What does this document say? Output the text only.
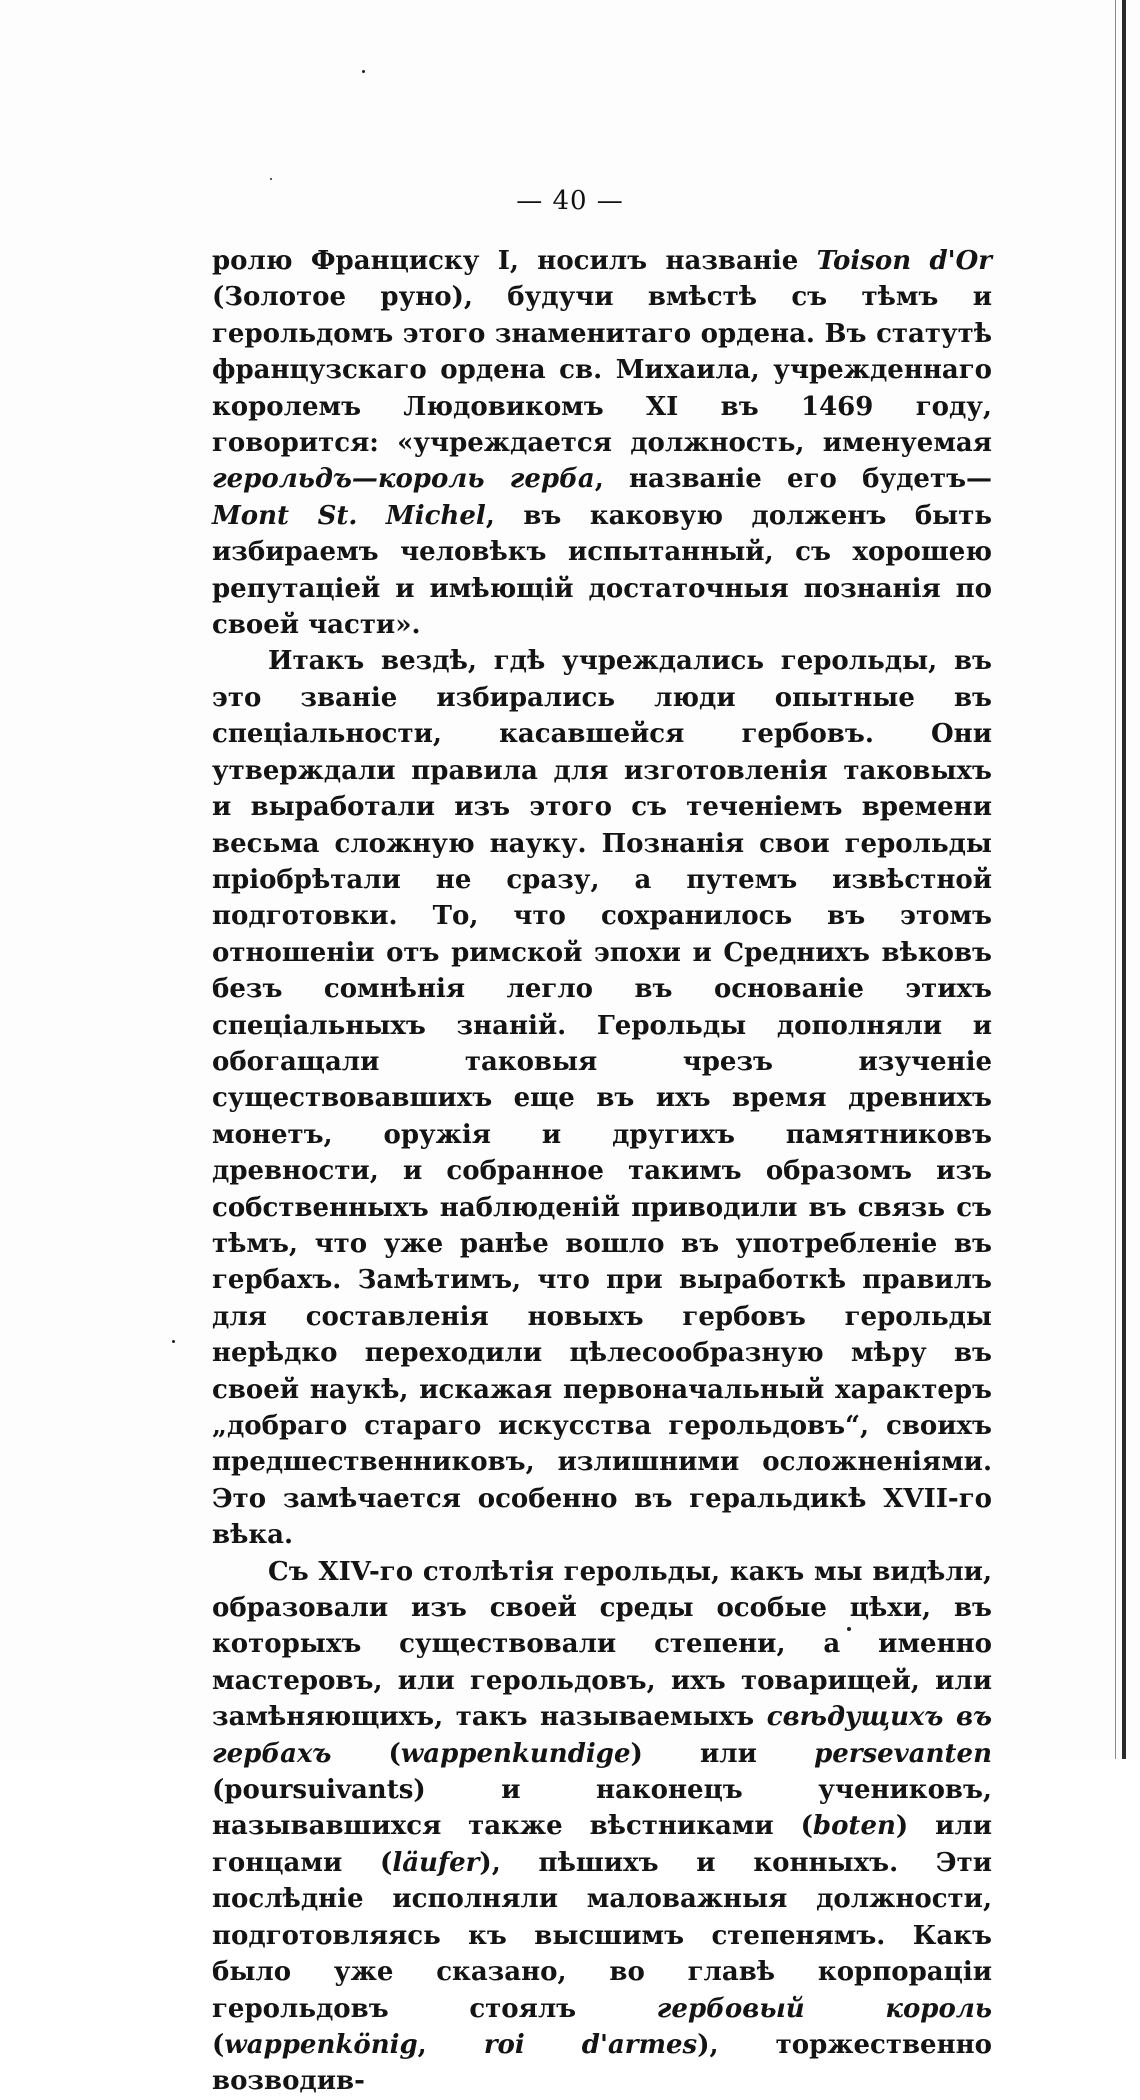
— 40 —

ролю Франциску I, носилъ названіе Toison d'Or (Золотое руно), будучи вмѣстѣ съ тѣмъ и герольдомъ этого знаменитаго ордена. Въ статутѣ французскаго ордена св. Михаила, учрежденнаго королемъ Людовикомъ XI въ 1469 году, говорится: «учреждается должность, именуемая герольдъ—король герба, названіе его будетъ—Mont St. Michel, въ каковую долженъ быть избираемъ человѣкъ испытанный, съ хорошею репутаціей и имѣющій достаточныя познанія по своей части».

Итакъ вездѣ, гдѣ учреждались герольды, въ это званіе избирались люди опытные въ спеціальности, касавшейся гербовъ. Они утверждали правила для изготовленія таковыхъ и выработали изъ этого съ теченіемъ времени весьма сложную науку. Познанія свои герольды пріобрѣтали не сразу, а путемъ извѣстной подготовки. То, что сохранилось въ этомъ отношеніи отъ римской эпохи и Среднихъ вѣковъ безъ сомнѣнія легло въ основаніе этихъ спеціальныхъ знаній. Герольды дополняли и обогащали таковыя чрезъ изученіе существовавшихъ еще въ ихъ время древнихъ монетъ, оружія и другихъ памятниковъ древности, и собранное такимъ образомъ изъ собственныхъ наблюденій приводили въ связь съ тѣмъ, что уже ранѣе вошло въ употребленіе въ гербахъ. Замѣтимъ, что при выработкѣ правилъ для составленія новыхъ гербовъ герольды нерѣдко переходили цѣлесообразную мѣру въ своей наукѣ, искажая первоначальный характеръ „добраго стараго искусства герольдовъ“, своихъ предшественниковъ, излишними осложненіями. Это замѣчается особенно въ геральдикѣ XVII-го вѣка.

Съ XIV-го столѣтія герольды, какъ мы видѣли, образовали изъ своей среды особые цѣхи, въ которыхъ существовали степени, а именно мастеровъ, или герольдовъ, ихъ товарищей, или замѣняющихъ, такъ называемыхъ свѣдущихъ въ гербахъ (wappenkundige) или persevanten (poursuivants) и наконецъ учениковъ, называвшихся также вѣстниками (boten) или гонцами (läufer), пѣшихъ и конныхъ. Эти послѣдніе исполняли маловажныя должности, подготовляясь къ высшимъ степенямъ. Какъ было уже сказано, во главѣ корпораціи герольдовъ стоялъ гербовый король (wappenkönig, roi d'armes), торжественно возводив-
